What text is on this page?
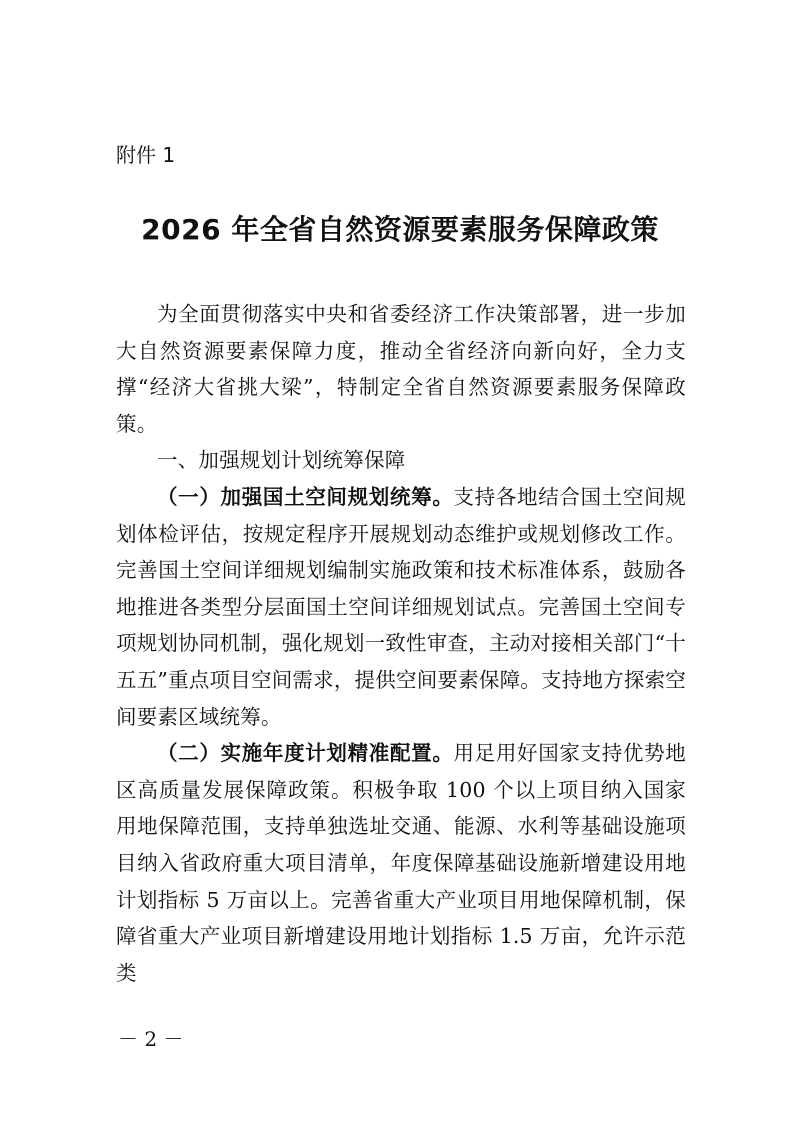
附件 1
2026 年全省自然资源要素服务保障政策

为全面贯彻落实中央和省委经济工作决策部署，进一步加大自然资源要素保障力度，推动全省经济向新向好，全力支撑“经济大省挑大梁”，特制定全省自然资源要素服务保障政策。

一、加强规划计划统筹保障

（一）加强国土空间规划统筹。支持各地结合国土空间规划体检评估，按规定程序开展规划动态维护或规划修改工作。完善国土空间详细规划编制实施政策和技术标准体系，鼓励各地推进各类型分层面国土空间详细规划试点。完善国土空间专项规划协同机制，强化规划一致性审查，主动对接相关部门“十五五”重点项目空间需求，提供空间要素保障。支持地方探索空间要素区域统筹。

（二）实施年度计划精准配置。用足用好国家支持优势地区高质量发展保障政策。积极争取 100 个以上项目纳入国家用地保障范围，支持单独选址交通、能源、水利等基础设施项目纳入省政府重大项目清单，年度保障基础设施新增建设用地计划指标 5 万亩以上。完善省重大产业项目用地保障机制，保障省重大产业项目新增建设用地计划指标 1.5 万亩，允许示范类

－ 2 －
